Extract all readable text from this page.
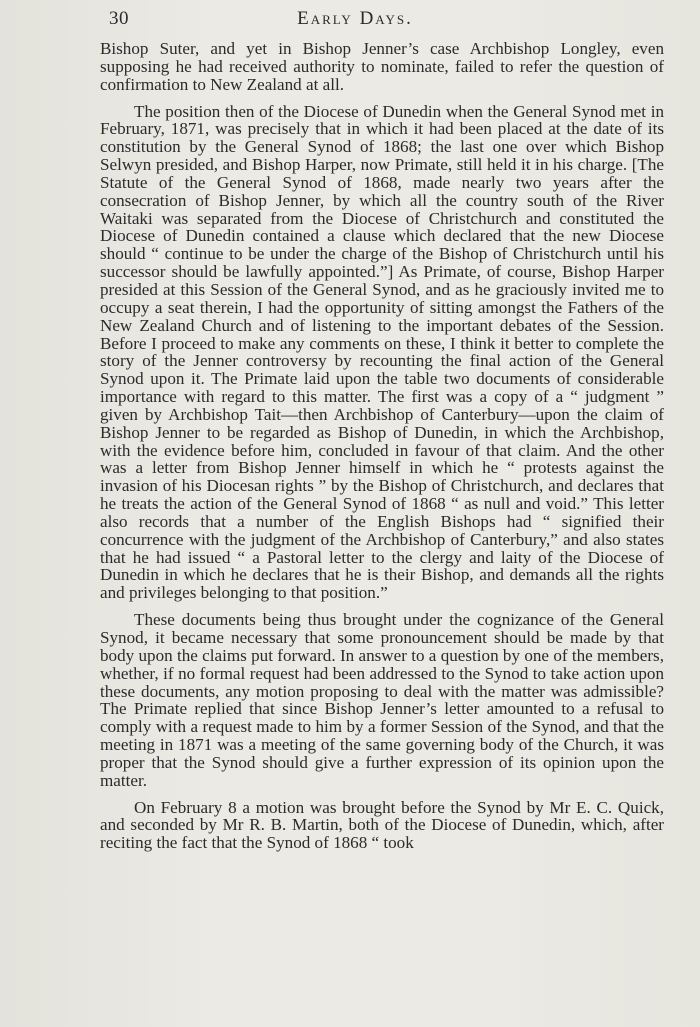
30	Early Days.

Bishop Suter, and yet in Bishop Jenner’s case Archbishop Longley, even supposing he had received authority to nominate, failed to refer the question of confirmation to New Zealand at all.

The position then of the Diocese of Dunedin when the General Synod met in February, 1871, was precisely that in which it had been placed at the date of its constitution by the General Synod of 1868; the last one over which Bishop Selwyn presided, and Bishop Harper, now Primate, still held it in his charge. [The Statute of the General Synod of 1868, made nearly two years after the consecration of Bishop Jenner, by which all the country south of the River Waitaki was separated from the Diocese of Christchurch and constituted the Diocese of Dunedin contained a clause which declared that the new Diocese should “ continue to be under the charge of the Bishop of Christchurch until his successor should be lawfully appointed.”] As Primate, of course, Bishop Harper presided at this Session of the General Synod, and as he graciously invited me to occupy a seat therein, I had the opportunity of sitting amongst the Fathers of the New Zealand Church and of listening to the important debates of the Session. Before I proceed to make any comments on these, I think it better to complete the story of the Jenner controversy by recounting the final action of the General Synod upon it. The Primate laid upon the table two documents of considerable importance with regard to this matter. The first was a copy of a “ judgment ” given by Archbishop Tait—then Archbishop of Canterbury—upon the claim of Bishop Jenner to be regarded as Bishop of Dunedin, in which the Archbishop, with the evidence before him, concluded in favour of that claim. And the other was a letter from Bishop Jenner himself in which he “ protests against the invasion of his Diocesan rights ” by the Bishop of Christchurch, and declares that he treats the action of the General Synod of 1868 “ as null and void.” This letter also records that a number of the English Bishops had “ signified their concurrence with the judgment of the Archbishop of Canterbury,” and also states that he had issued “ a Pastoral letter to the clergy and laity of the Diocese of Dunedin in which he declares that he is their Bishop, and demands all the rights and privileges belonging to that position.”

These documents being thus brought under the cognizance of the General Synod, it became necessary that some pronouncement should be made by that body upon the claims put forward. In answer to a question by one of the members, whether, if no formal request had been addressed to the Synod to take action upon these documents, any motion proposing to deal with the matter was admissible? The Primate replied that since Bishop Jenner’s letter amounted to a refusal to comply with a request made to him by a former Session of the Synod, and that the meeting in 1871 was a meeting of the same governing body of the Church, it was proper that the Synod should give a further expression of its opinion upon the matter.

On February 8 a motion was brought before the Synod by Mr E. C. Quick, and seconded by Mr R. B. Martin, both of the Diocese of Dunedin, which, after reciting the fact that the Synod of 1868 “ took
